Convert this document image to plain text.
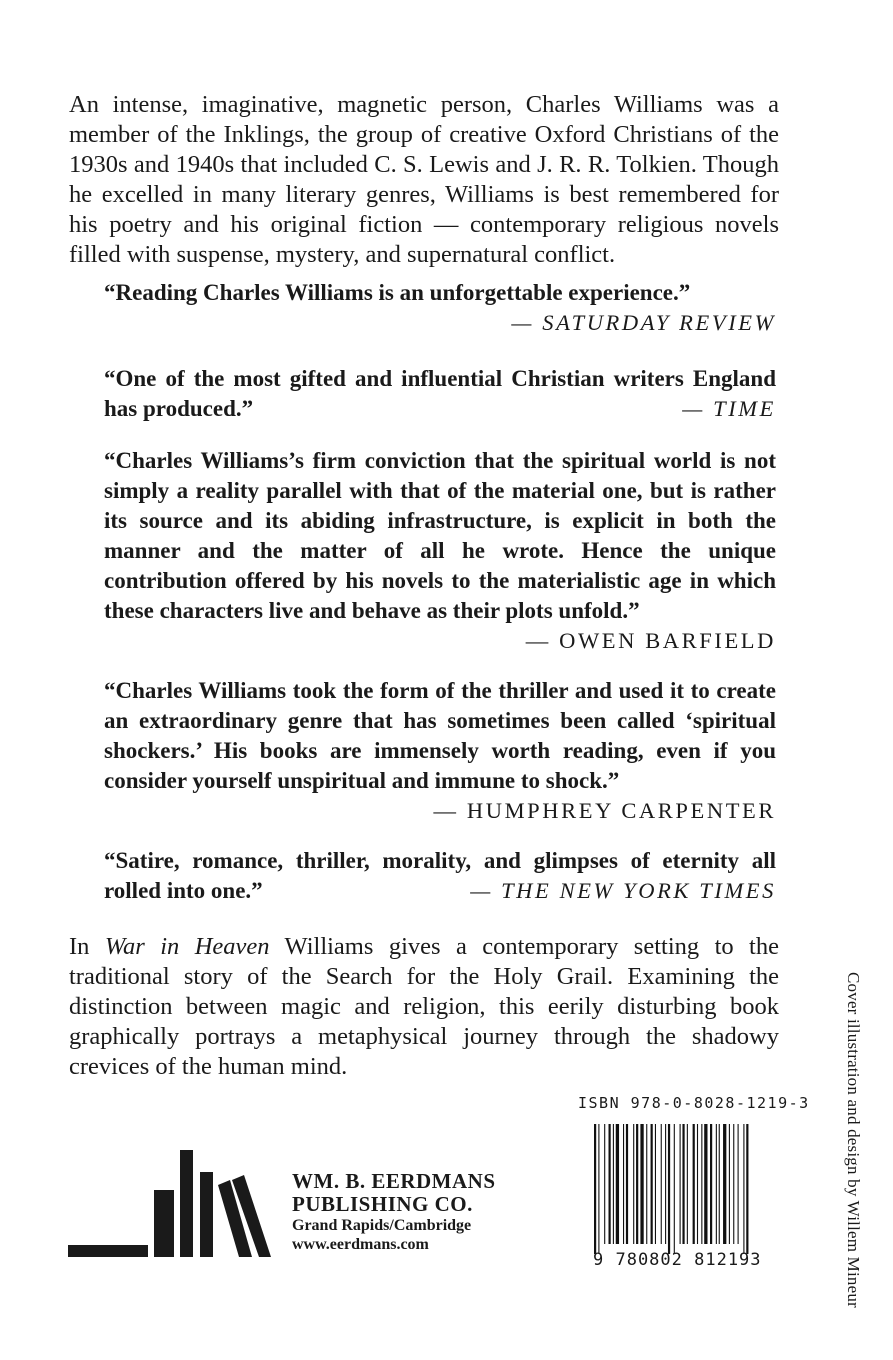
An intense, imaginative, magnetic person, Charles Williams was a member of the Inklings, the group of creative Oxford Christians of the 1930s and 1940s that included C. S. Lewis and J. R. R. Tolkien. Though he excelled in many literary genres, Williams is best remembered for his poetry and his original fiction — contemporary religious novels filled with suspense, mystery, and supernatural conflict.

“Reading Charles Williams is an unforgettable experience.”

— SATURDAY REVIEW

“One of the most gifted and influential Christian writers England has produced.”	— TIME

“Charles Williams’s firm conviction that the spiritual world is not simply a reality parallel with that of the material one, but is rather its source and its abiding infrastructure, is explicit in both the manner and the matter of all he wrote. Hence the unique contribution offered by his novels to the materialistic age in which these characters live and behave as their plots unfold.”

— OWEN BARFIELD

“Charles Williams took the form of the thriller and used it to create an extraordinary genre that has sometimes been called ‘spiritual shockers.’ His books are immensely worth reading, even if you consider yourself unspiritual and immune to shock.”

— HUMPHREY CARPENTER

“Satire, romance, thriller, morality, and glimpses of eternity all rolled into one.”	— THE NEW YORK TIMES

In War in Heaven Williams gives a contemporary setting to the traditional story of the Search for the Holy Grail. Examining the distinction between magic and religion, this eerily disturbing book graphically portrays a metaphysical journey through the shadowy crevices of the human mind.

ISBN 978-0-8028-1219-3
9 780802 812193
WM. B. EERDMANS
PUBLISHING CO.
Grand Rapids/Cambridge
www.eerdmans.com	Cover illustration and design by Willem Mineur
